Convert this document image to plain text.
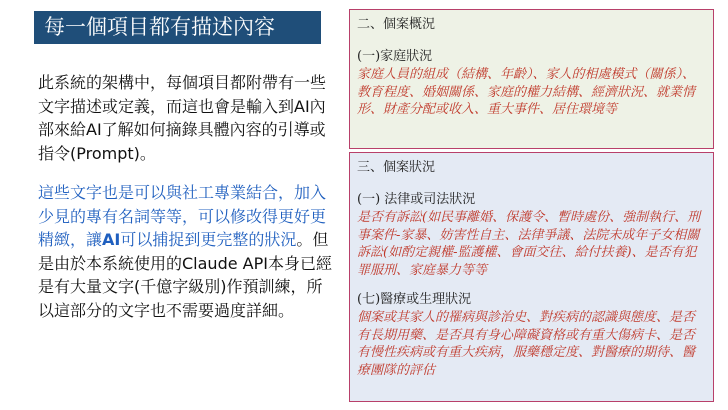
每一個項目都有描述內容

此系統的架構中，每個項目都附帶有一些文字描述或定義，而這也會是輸入到AI內部來給AI了解如何摘錄具體內容的引導或指令(Prompt)。

這些文字也是可以與社工專業結合，加入少見的專有名詞等等，可以修改得更好更精緻，讓AI可以捕捉到更完整的狀況。但是由於本系統使用的Claude API本身已經是有大量文字(千億字級別)作預訓練，所以這部分的文字也不需要過度詳細。

二、個案概況
(一)家庭狀況
家庭人員的組成（結構、年齡）、家人的相處模式（關係）、教育程度、婚姻關係、家庭的權力結構、經濟狀況、就業情形、財產分配或收入、重大事件、居住環境等
三、個案狀況
(一) 法律或司法狀況
是否有訴訟(如民事離婚、保護令、暫時處份、強制執行、刑事案件-家暴、妨害性自主、法律爭議、法院未成年子女相關訴訟(如酌定親權-監護權、會面交往、給付扶養)、是否有犯罪服刑、家庭暴力等等
(七)醫療或生理狀況
個案或其家人的罹病與診治史、對疾病的認識與態度、是否有長期用藥、是否具有身心障礙資格或有重大傷病卡、是否有慢性疾病或有重大疾病，服藥穩定度、對醫療的期待、醫療團隊的評估
